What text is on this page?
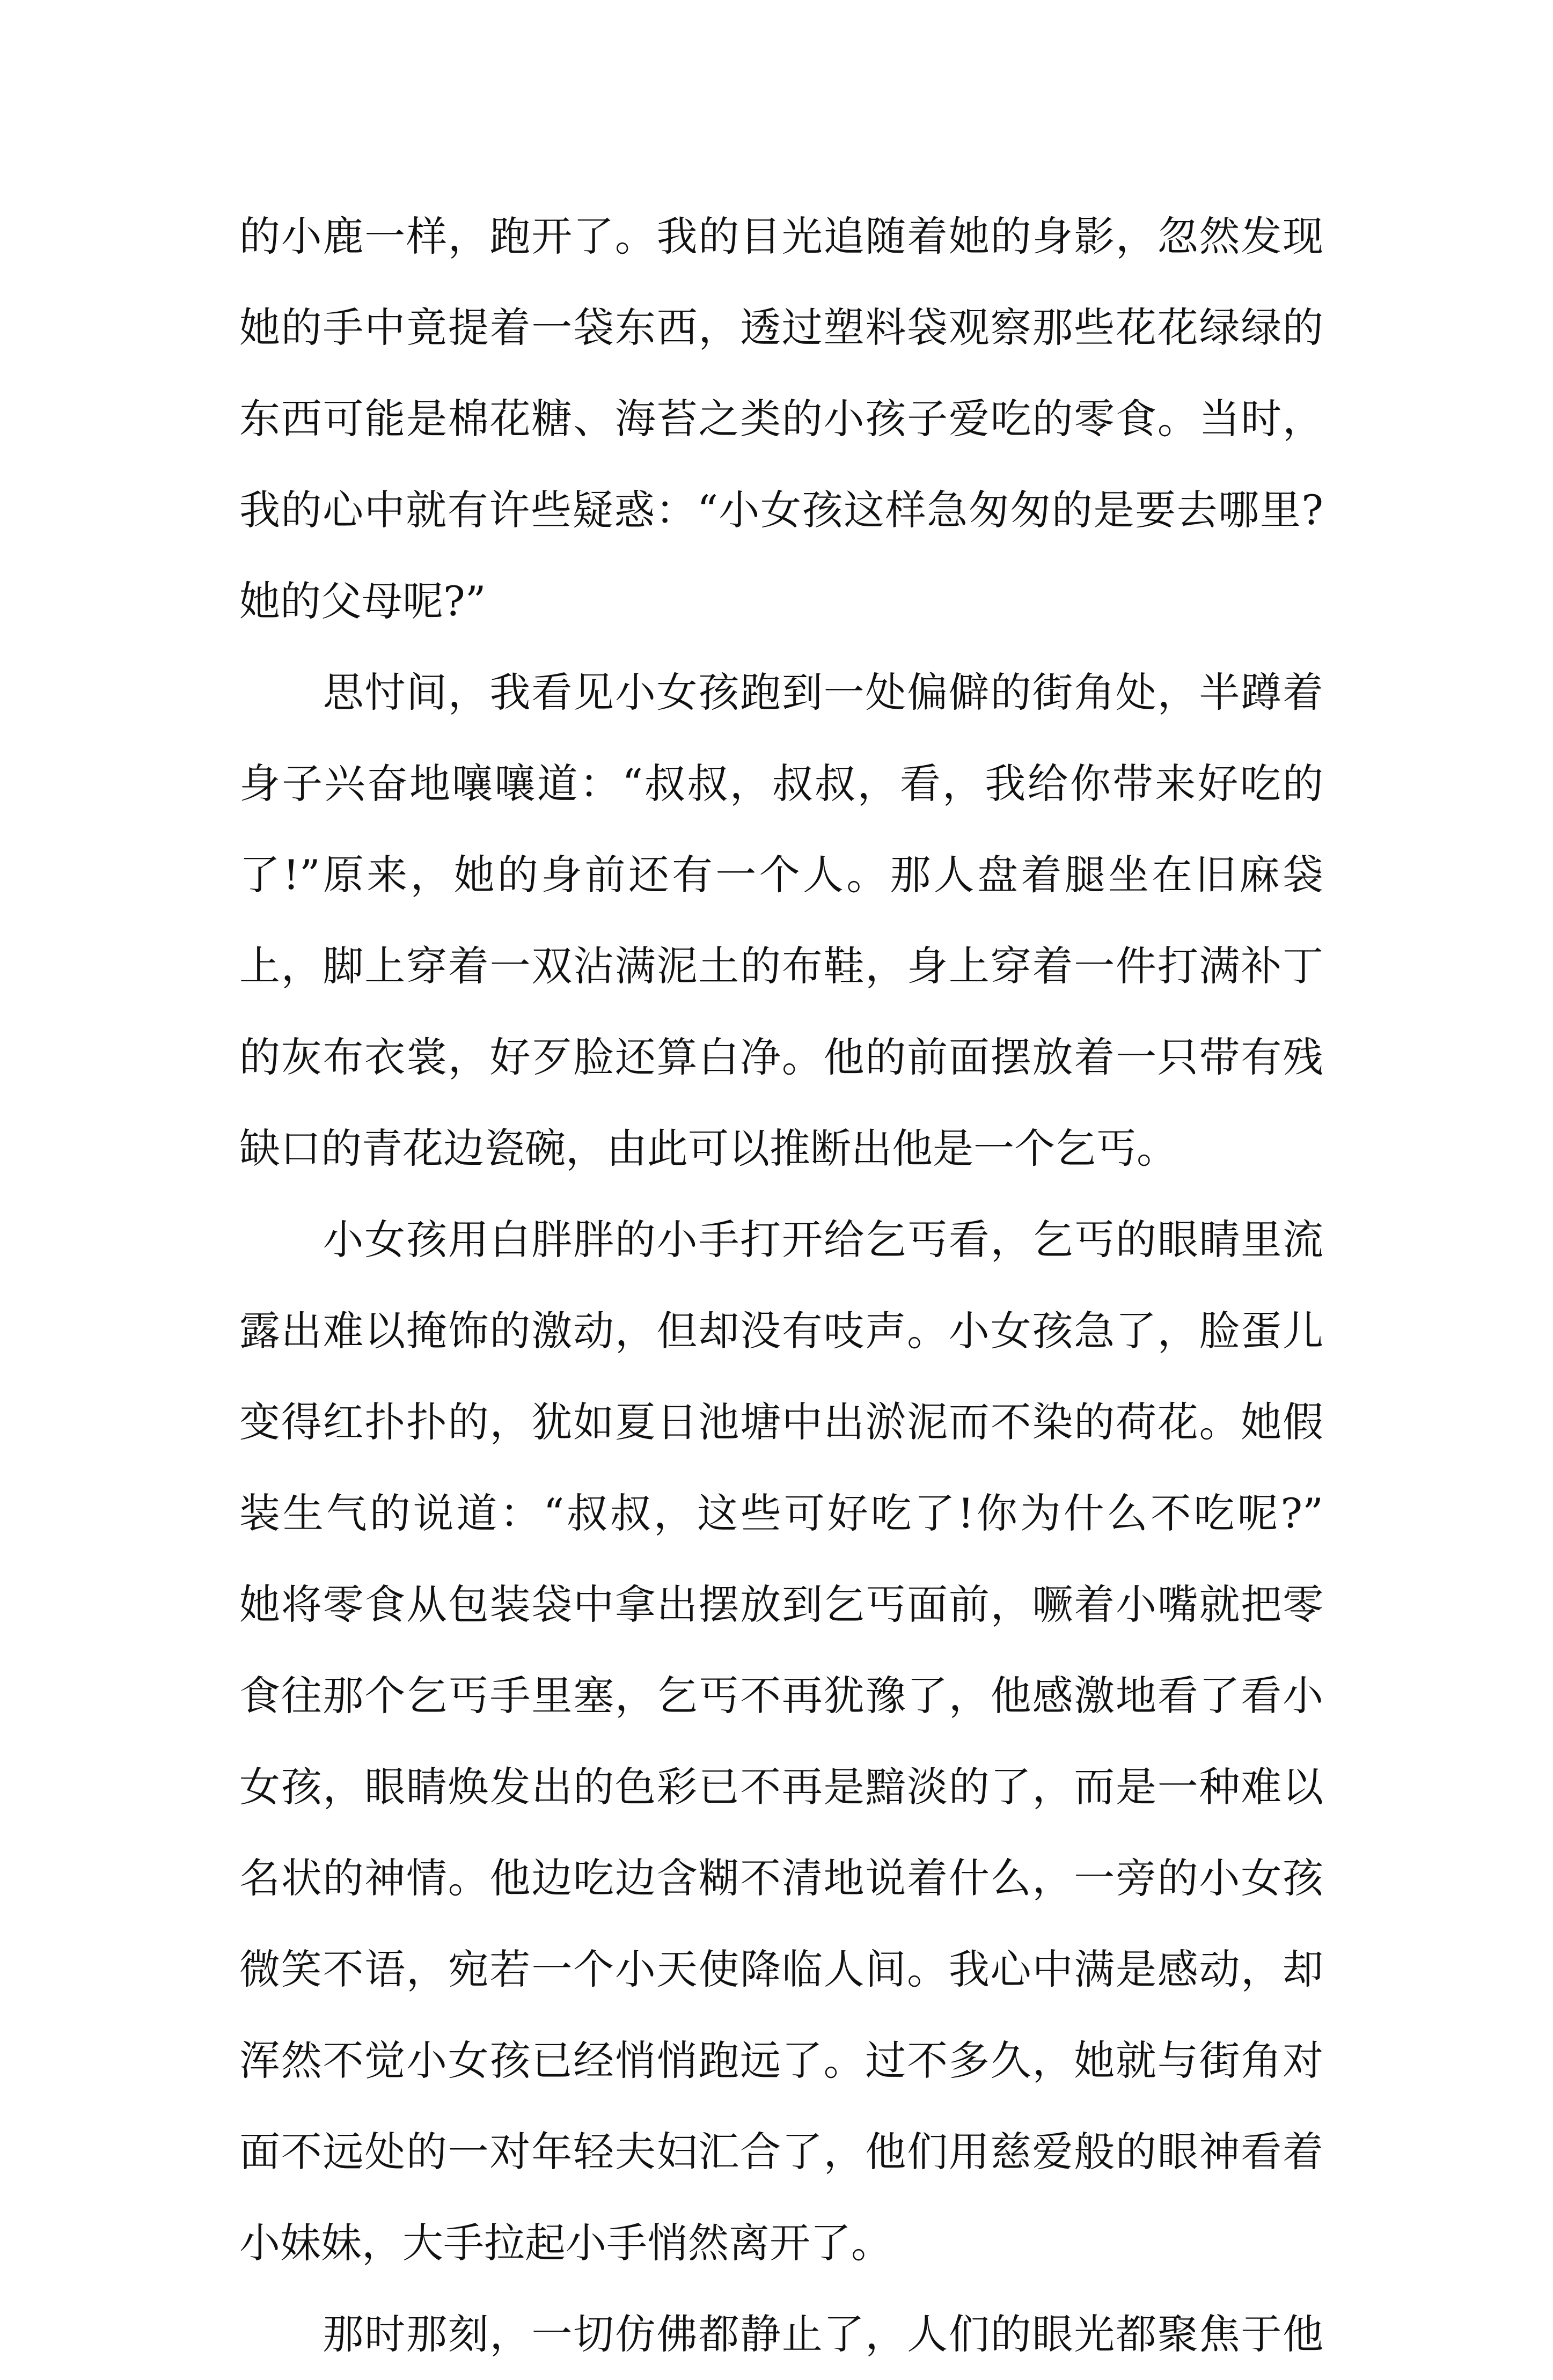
的小鹿一样，跑开了。我的目光追随着她的身影，忽然发现
她的手中竟提着一袋东西，透过塑料袋观察那些花花绿绿的
东西可能是棉花糖、海苔之类的小孩子爱吃的零食。当时，
我的心中就有许些疑惑：“小女孩这样急匆匆的是要去哪里?
她的父母呢?”
　　思忖间，我看见小女孩跑到一处偏僻的街角处，半蹲着
身子兴奋地嚷嚷道：“叔叔，叔叔，看，我给你带来好吃的
了!”原来，她的身前还有一个人。那人盘着腿坐在旧麻袋
上，脚上穿着一双沾满泥土的布鞋，身上穿着一件打满补丁
的灰布衣裳，好歹脸还算白净。他的前面摆放着一只带有残
缺口的青花边瓷碗，由此可以推断出他是一个乞丐。
　　小女孩用白胖胖的小手打开给乞丐看，乞丐的眼睛里流
露出难以掩饰的激动，但却没有吱声。小女孩急了，脸蛋儿
变得红扑扑的，犹如夏日池塘中出淤泥而不染的荷花。她假
装生气的说道：“叔叔，这些可好吃了!你为什么不吃呢?”
她将零食从包装袋中拿出摆放到乞丐面前，噘着小嘴就把零
食往那个乞丐手里塞，乞丐不再犹豫了，他感激地看了看小
女孩，眼睛焕发出的色彩已不再是黯淡的了，而是一种难以
名状的神情。他边吃边含糊不清地说着什么，一旁的小女孩
微笑不语，宛若一个小天使降临人间。我心中满是感动，却
浑然不觉小女孩已经悄悄跑远了。过不多久，她就与街角对
面不远处的一对年轻夫妇汇合了，他们用慈爱般的眼神看着
小妹妹，大手拉起小手悄然离开了。
　　那时那刻，一切仿佛都静止了，人们的眼光都聚焦于他
